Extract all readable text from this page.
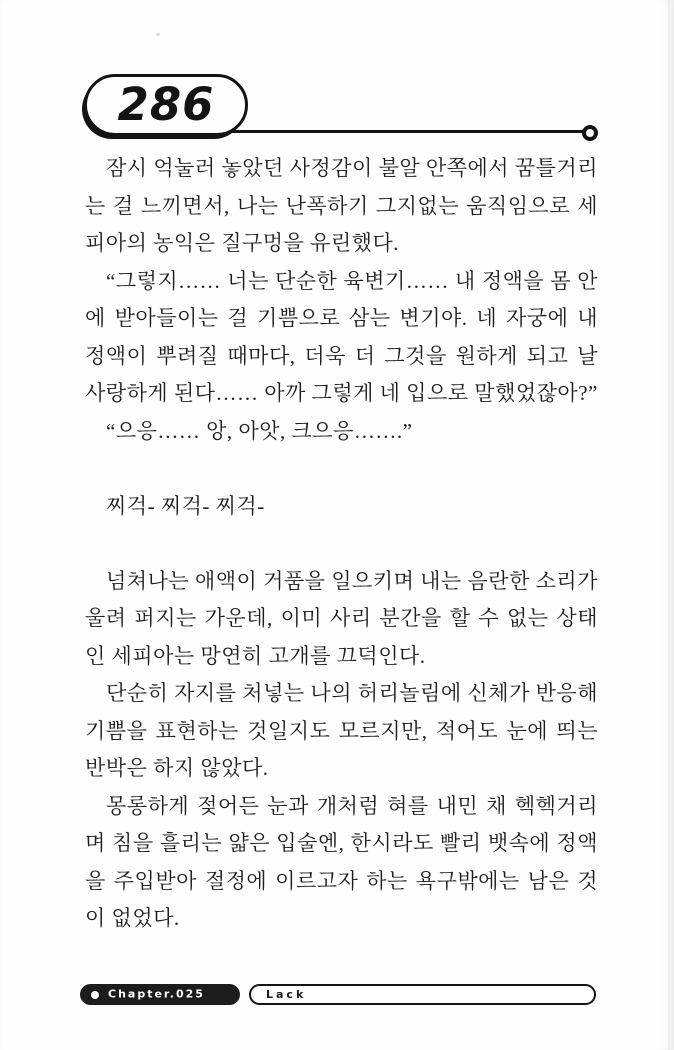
286

잠시 억눌러 놓았던 사정감이 불알 안쪽에서 꿈틀거리는 걸 느끼면서, 나는 난폭하기 그지없는 움직임으로 세피아의 농익은 질구멍을 유린했다.

“그렇지…… 너는 단순한 육변기…… 내 정액을 몸 안에 받아들이는 걸 기쁨으로 삼는 변기야. 네 자궁에 내 정액이 뿌려질 때마다, 더욱 더 그것을 원하게 되고 날 사랑하게 된다…… 아까 그렇게 네 입으로 말했었잖아?”

“으응…… 앙, 아앗, 크으응…….”

찌걱- 찌걱- 찌걱-

넘쳐나는 애액이 거품을 일으키며 내는 음란한 소리가 울려 퍼지는 가운데, 이미 사리 분간을 할 수 없는 상태인 세피아는 망연히 고개를 끄덕인다.

단순히 자지를 처넣는 나의 허리놀림에 신체가 반응해 기쁨을 표현하는 것일지도 모르지만, 적어도 눈에 띄는 반박은 하지 않았다.

몽롱하게 젖어든 눈과 개처럼 혀를 내민 채 헥헥거리며 침을 흘리는 얇은 입술엔, 한시라도 빨리 뱃속에 정액을 주입받아 절정에 이르고자 하는 욕구밖에는 남은 것이 없었다.

Chapter.025	Lack
